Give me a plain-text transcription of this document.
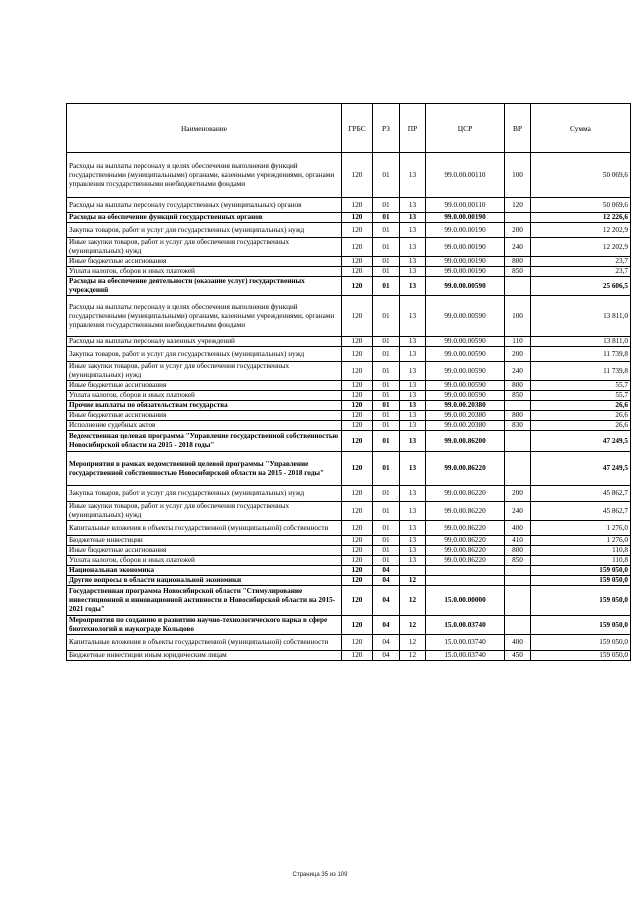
Наименование	ГРБС	РЗ	ПР	ЦСР	ВР	Сумма
Расходы на выплаты персоналу в целях обеспечения выполнения функций государственными (муниципальными) органами, казенными учреждениями, органами управления государственными внебюджетными фондами	120	01	13	99.0.00.00110	100	50 069,6
Расходы на выплаты персоналу государственных (муниципальных) органов	120	01	13	99.0.00.00110	120	50 069,6
Расходы на обеспечение функций государственных органов	120	01	13	99.0.00.00190		12 226,6
Закупка товаров, работ и услуг для государственных (муниципальных) нужд	120	01	13	99.0.00.00190	200	12 202,9
Иные закупки товаров, работ и услуг для обеспечения государственных (муниципальных) нужд	120	01	13	99.0.00.00190	240	12 202,9
Иные бюджетные ассигнования	120	01	13	99.0.00.00190	800	23,7
Уплата налогов, сборов и иных платежей	120	01	13	99.0.00.00190	850	23,7
Расходы на обеспечение деятельности (оказание услуг) государственных учреждений	120	01	13	99.0.00.00590		25 606,5
Расходы на выплаты персоналу в целях обеспечения выполнения функций государственными (муниципальными) органами, казенными учреждениями, органами управления государственными внебюджетными фондами	120	01	13	99.0.00.00590	100	13 811,0
Расходы на выплаты персоналу казенных учреждений	120	01	13	99.0.00.00590	110	13 811,0
Закупка товаров, работ и услуг для государственных (муниципальных) нужд	120	01	13	99.0.00.00590	200	11 739,8
Иные закупки товаров, работ и услуг для обеспечения государственных (муниципальных) нужд	120	01	13	99.0.00.00590	240	11 739,8
Иные бюджетные ассигнования	120	01	13	99.0.00.00590	800	55,7
Уплата налогов, сборов и иных платежей	120	01	13	99.0.00.00590	850	55,7
Прочие выплаты по обязательствам государства	120	01	13	99.0.00.20380		26,6
Иные бюджетные ассигнования	120	01	13	99.0.00.20380	800	26,6
Исполнение судебных актов	120	01	13	99.0.00.20380	830	26,6
Ведомственная целевая программа "Управление государственной собственностью Новосибирской области на 2015 - 2018 годы"	120	01	13	99.0.00.86200		47 249,5
Мероприятия в рамках ведомственной целевой программы "Управление государственной собственностью Новосибирской области на 2015 - 2018 годы"	120	01	13	99.0.00.86220		47 249,5
Закупка товаров, работ и услуг для государственных (муниципальных) нужд	120	01	13	99.0.00.86220	200	45 862,7
Иные закупки товаров, работ и услуг для обеспечения государственных (муниципальных) нужд	120	01	13	99.0.00.86220	240	45 862,7
Капитальные вложения в объекты государственной (муниципальной) собственности	120	01	13	99.0.00.86220	400	1 276,0
Бюджетные инвестиции	120	01	13	99.0.00.86220	410	1 276,0
Иные бюджетные ассигнования	120	01	13	99.0.00.86220	800	110,8
Уплата налогов, сборов и иных платежей	120	01	13	99.0.00.86220	850	110,8
Национальная экономика	120	04				159 050,0
Другие вопросы в области национальной экономики	120	04	12			159 050,0
Государственная программа Новосибирской области "Стимулирование инвестиционной и инновационной активности в Новосибирской области на 2015-2021 годы"	120	04	12	15.0.00.00000		159 050,0
Мероприятия по созданию и развитию научно-технологического парка в сфере биотехнологий в наукограде Кольцово	120	04	12	15.0.00.03740		159 050,0
Капитальные вложения в объекты государственной (муниципальной) собственности	120	04	12	15.0.00.03740	400	159 050,0
Бюджетные инвестиции иным юридическим лицам	120	04	12	15.0.00.03740	450	159 050,0
Страница 35 из 109
